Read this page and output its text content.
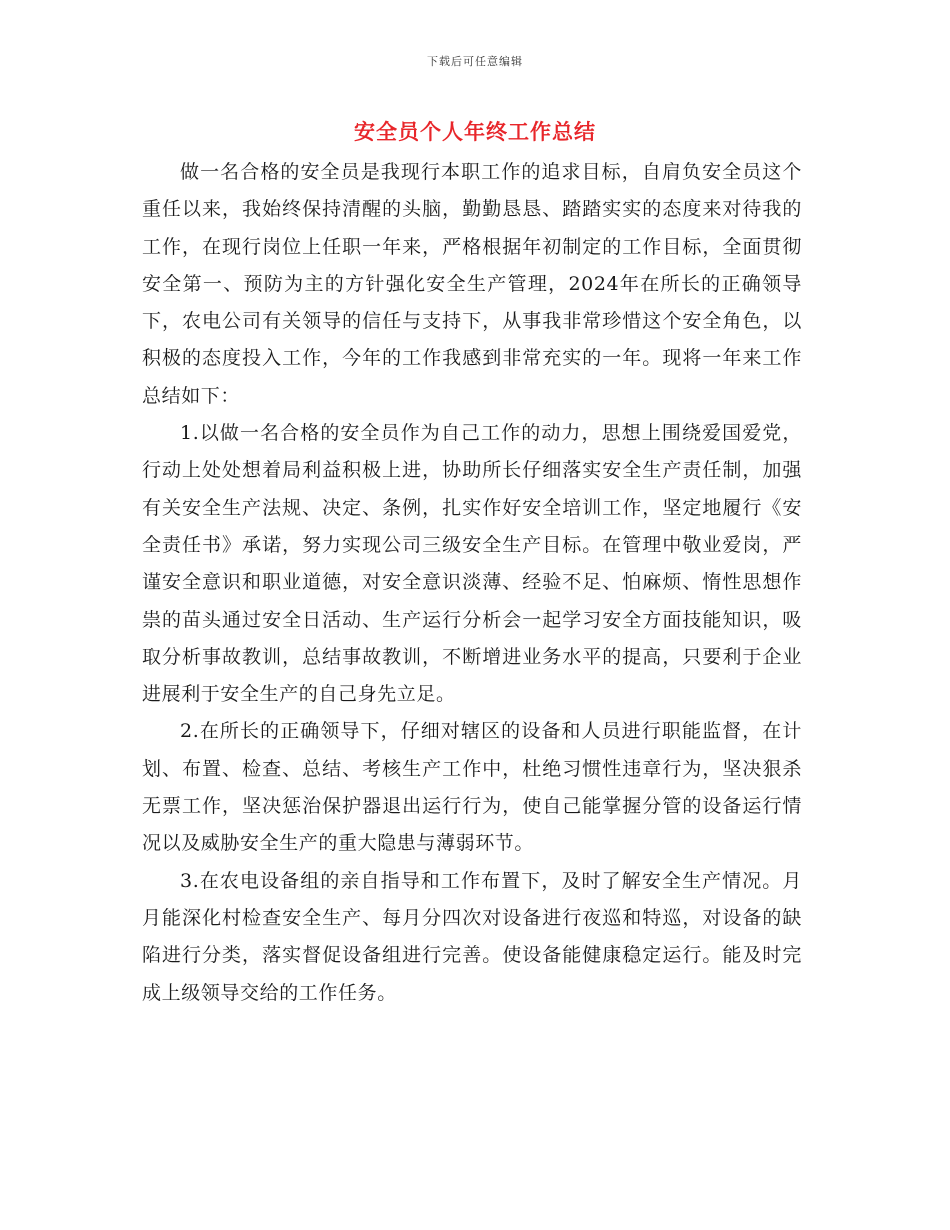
下载后可任意编辑
安全员个人年终工作总结

做一名合格的安全员是我现行本职工作的追求目标，自肩负安全员这个重任以来，我始终保持清醒的头脑，勤勤恳恳、踏踏实实的态度来对待我的工作，在现行岗位上任职一年来，严格根据年初制定的工作目标，全面贯彻安全第一、预防为主的方针强化安全生产管理，2024年在所长的正确领导下，农电公司有关领导的信任与支持下，从事我非常珍惜这个安全角色，以积极的态度投入工作，今年的工作我感到非常充实的一年。现将一年来工作总结如下：

1.以做一名合格的安全员作为自己工作的动力，思想上围绕爱国爱党，行动上处处想着局利益积极上进，协助所长仔细落实安全生产责任制，加强有关安全生产法规、决定、条例，扎实作好安全培训工作，坚定地履行《安全责任书》承诺，努力实现公司三级安全生产目标。在管理中敬业爱岗，严谨安全意识和职业道德，对安全意识淡薄、经验不足、怕麻烦、惰性思想作祟的苗头通过安全日活动、生产运行分析会一起学习安全方面技能知识，吸取分析事故教训，总结事故教训，不断增进业务水平的提高，只要利于企业进展利于安全生产的自己身先立足。

2.在所长的正确领导下，仔细对辖区的设备和人员进行职能监督，在计划、布置、检查、总结、考核生产工作中，杜绝习惯性违章行为，坚决狠杀无票工作，坚决惩治保护器退出运行行为，使自己能掌握分管的设备运行情况以及威胁安全生产的重大隐患与薄弱环节。

3.在农电设备组的亲自指导和工作布置下，及时了解安全生产情况。月月能深化村检查安全生产、每月分四次对设备进行夜巡和特巡，对设备的缺陷进行分类，落实督促设备组进行完善。使设备能健康稳定运行。能及时完成上级领导交给的工作任务。
